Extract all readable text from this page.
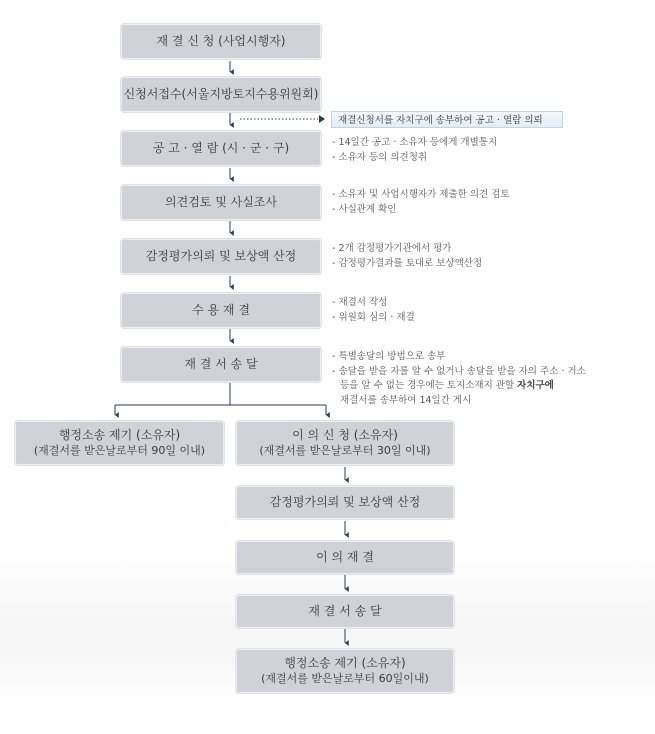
재 결 신 청 (사업시행자)
신청서접수(서울지방토지수용위원회)
공 고 · 열 람 (시 · 군 · 구)
의견검토 및 사실조사
감정평가의뢰 및 보상액 산정
수 용 재 결
재 결 서 송 달
행정소송 제기 (소유자)
(재결서를 받은날로부터 90일 이내)
이 의 신 청 (소유자)
(재결서를 받은날로부터 30일 이내)
감정평가의뢰 및 보상액 산정
이 의 재 결
재 결 서 송 달
행정소송 제기 (소유자)
(재결서를 받은날로부터 60일이내)
재결신청서를 자치구에 송부하여 공고 · 열람 의뢰
- 14일간 공고 · 소유자 등에게 개별통지
- 소유자 등의 의견청취
- 소유자 및 사업시행자가 제출한 의견 검토
- 사실관계 확인
- 2개 감정평가기관에서 평가
- 감정평가결과를 토대로 보상액산정
- 재결서 작성
- 위원회 심의 · 재결
- 특별송달의 방법으로 송부
- 송달을 받을 자를 알 수 없거나 송달을 받을 자의 주소 · 거소
등을 알 수 없는 경우에는 토지소재지 관할 자치구에
재결서를 송부하여 14일간 게시
